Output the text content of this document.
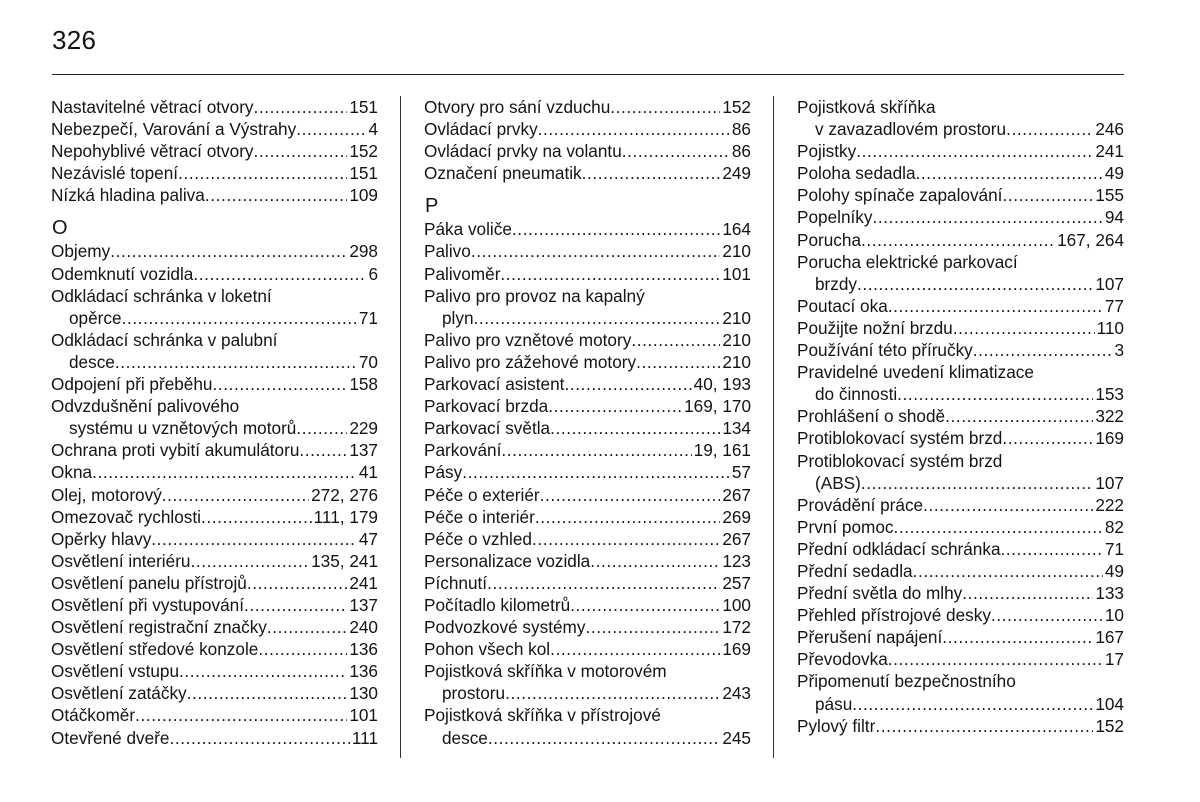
326
Nastavitelné větrací otvory .....	151
Nebezpečí, Varování a Výstrahy .....	4
Nepohyblivé větrací otvory .....	152
Nezávislé topení .....	151
Nízká hladina paliva .....	109
O
Objemy .....	298
Odemknutí vozidla .....	6
Odkládací schránka v loketní
opěrce .....	71
Odkládací schránka v palubní
desce .....	70
Odpojení při přeběhu .....	158
Odvzdušnění palivového
systému u vznětových motorů .....	229
Ochrana proti vybití akumulátoru .....	137
Okna .....	41
Olej, motorový .....	272, 276
Omezovač rychlosti .....	111, 179
Opěrky hlavy .....	47
Osvětlení interiéru .....	135, 241
Osvětlení panelu přístrojů .....	241
Osvětlení při vystupování .....	137
Osvětlení registrační značky .....	240
Osvětlení středové konzole .....	136
Osvětlení vstupu .....	136
Osvětlení zatáčky .....	130
Otáčkoměr .....	101
Otevřené dveře .....	111
Otvory pro sání vzduchu .....	152
Ovládací prvky .....	86
Ovládací prvky na volantu .....	86
Označení pneumatik .....	249
P
Páka voliče .....	164
Palivo .....	210
Palivoměr .....	101
Palivo pro provoz na kapalný
plyn .....	210
Palivo pro vznětové motory .....	210
Palivo pro zážehové motory .....	210
Parkovací asistent .....	40, 193
Parkovací brzda .....	169, 170
Parkovací světla .....	134
Parkování .....	19, 161
Pásy .....	57
Péče o exteriér .....	267
Péče o interiér .....	269
Péče o vzhled .....	267
Personalizace vozidla .....	123
Píchnutí .....	257
Počítadlo kilometrů .....	100
Podvozkové systémy .....	172
Pohon všech kol .....	169
Pojistková skříňka v motorovém
prostoru .....	243
Pojistková skříňka v přístrojové
desce .....	245
Pojistková skříňka
v zavazadlovém prostoru .....	246
Pojistky .....	241
Poloha sedadla .....	49
Polohy spínače zapalování .....	155
Popelníky .....	94
Porucha .....	167, 264
Porucha elektrické parkovací
brzdy .....	107
Poutací oka .....	77
Použijte nožní brzdu .....	110
Používání této příručky .....	3
Pravidelné uvedení klimatizace
do činnosti .....	153
Prohlášení o shodě .....	322
Protiblokovací systém brzd .....	169
Protiblokovací systém brzd
(ABS) .....	107
Provádění práce .....	222
První pomoc .....	82
Přední odkládací schránka .....	71
Přední sedadla .....	49
Přední světla do mlhy .....	133
Přehled přístrojové desky .....	10
Přerušení napájení .....	167
Převodovka .....	17
Připomenutí bezpečnostního
pásu .....	104
Pylový filtr .....	152
